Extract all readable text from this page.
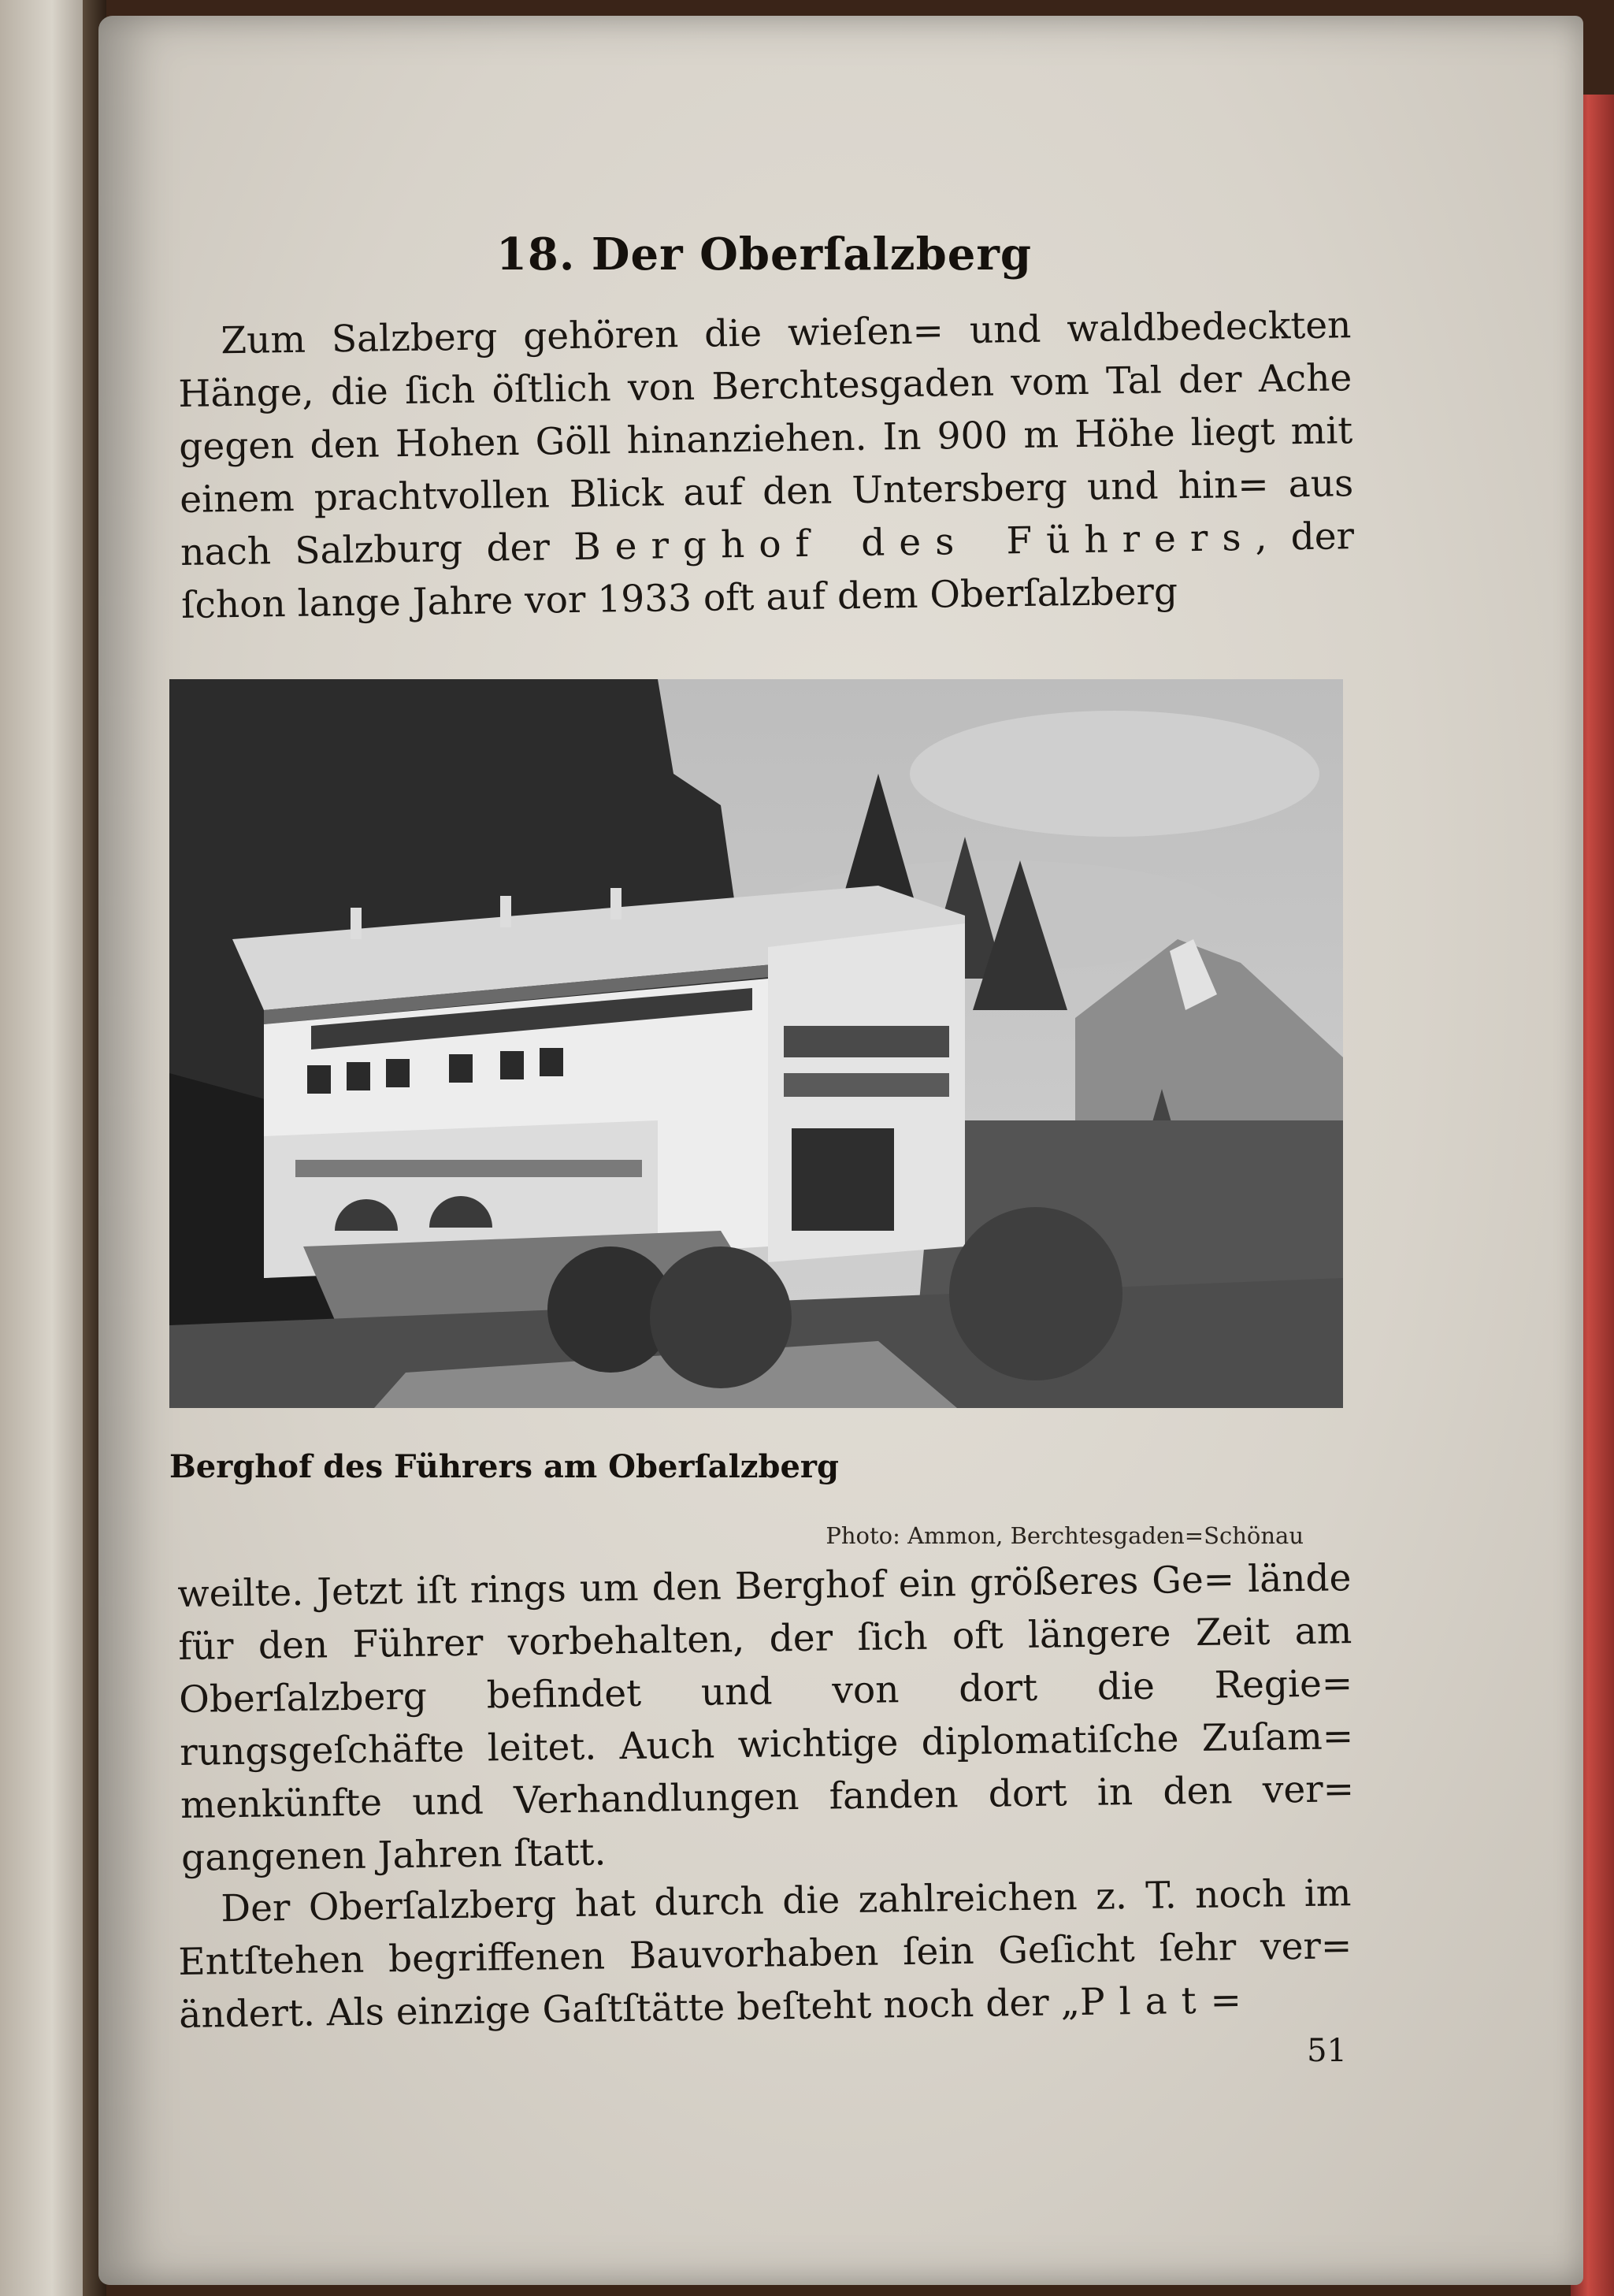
18. Der Oberſalzberg
Zum Salzberg gehören die wieſen= und waldbedeckten Hänge, die ſich öſtlich von Berchtesgaden vom Tal der Ache gegen den Hohen Göll hinanziehen. In 900 m Höhe liegt mit einem prachtvollen Blick auf den Untersberg und hin= aus nach Salzburg der Berghof des Führers, der ſchon lange Jahre vor 1933 oft auf dem Oberſalzberg
Berghof des Führers am Oberſalzberg
Photo: Ammon, Berchtesgaden=Schönau
weilte. Jetzt iſt rings um den Berghof ein größeres Ge= lände für den Führer vorbehalten, der ſich oft längere Zeit am Oberſalzberg befindet und von dort die Regie= rungsgeſchäfte leitet. Auch wichtige diplomatiſche Zuſam= menkünfte und Verhandlungen fanden dort in den ver= gangenen Jahren ſtatt.
Der Oberſalzberg hat durch die zahlreichen z. T. noch im Entſtehen begriffenen Bauvorhaben ſein Geſicht ſehr ver= ändert. Als einzige Gaſtſtätte beſteht noch der „Plat=
51
